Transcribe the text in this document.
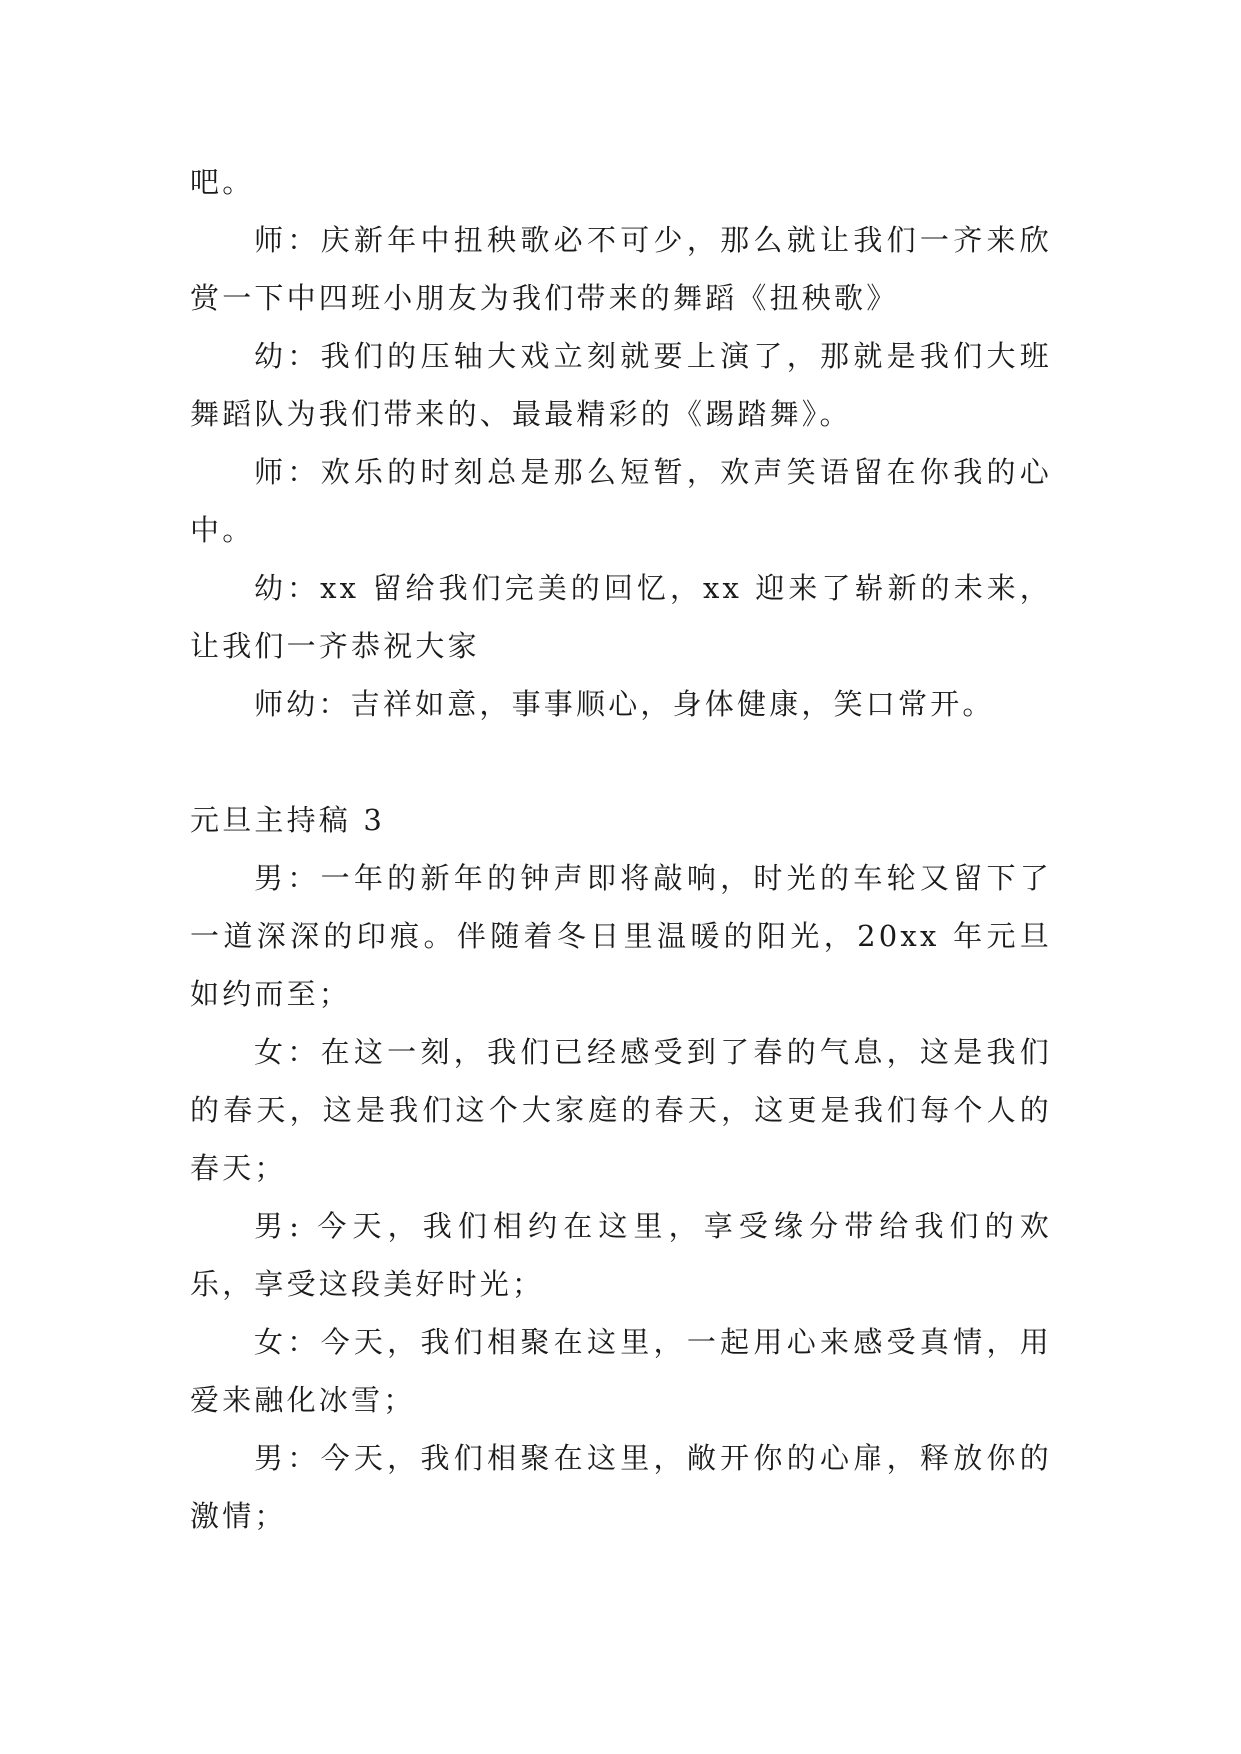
吧。

师：庆新年中扭秧歌必不可少，那么就让我们一齐来欣赏一下中四班小朋友为我们带来的舞蹈《扭秧歌》

幼：我们的压轴大戏立刻就要上演了，那就是我们大班舞蹈队为我们带来的、最最精彩的《踢踏舞》。

师：欢乐的时刻总是那么短暂，欢声笑语留在你我的心中。

幼：xx 留给我们完美的回忆，xx 迎来了崭新的未来，让我们一齐恭祝大家

师幼：吉祥如意，事事顺心，身体健康，笑口常开。

元旦主持稿 3

男：一年的新年的钟声即将敲响，时光的车轮又留下了一道深深的印痕。伴随着冬日里温暖的阳光，20xx 年元旦如约而至；

女：在这一刻，我们已经感受到了春的气息，这是我们的春天，这是我们这个大家庭的春天，这更是我们每个人的春天；

男: 今天，我们相约在这里，享受缘分带给我们的欢乐，享受这段美好时光；

女：今天，我们相聚在这里，一起用心来感受真情，用爱来融化冰雪；

男：今天，我们相聚在这里，敞开你的心扉，释放你的激情；
